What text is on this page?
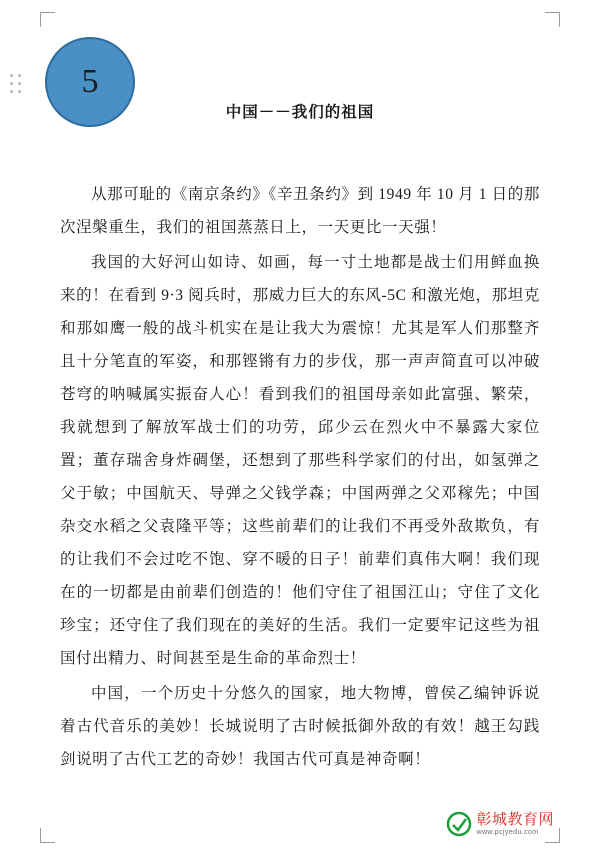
5
中国－－我们的祖国

从那可耻的《南京条约》《辛丑条约》到 1949 年 10 月 1 日的那次涅槃重生，我们的祖国蒸蒸日上，一天更比一天强！

我国的大好河山如诗、如画，每一寸土地都是战士们用鲜血换来的！在看到 9·3 阅兵时，那威力巨大的东风-5C 和激光炮，那坦克和那如鹰一般的战斗机实在是让我大为震惊！尤其是军人们那整齐且十分笔直的军姿，和那铿锵有力的步伐，那一声声简直可以冲破苍穹的呐喊属实振奋人心！看到我们的祖国母亲如此富强、繁荣，我就想到了解放军战士们的功劳，邱少云在烈火中不暴露大家位置；董存瑞舍身炸碉堡，还想到了那些科学家们的付出，如氢弹之父于敏；中国航天、导弹之父钱学森；中国两弹之父邓稼先；中国杂交水稻之父袁隆平等；这些前辈们的让我们不再受外敌欺负，有的让我们不会过吃不饱、穿不暖的日子！前辈们真伟大啊！我们现在的一切都是由前辈们创造的！他们守住了祖国江山；守住了文化珍宝；还守住了我们现在的美好的生活。我们一定要牢记这些为祖国付出精力、时间甚至是生命的革命烈士！

中国，一个历史十分悠久的国家，地大物博，曾侯乙编钟诉说着古代音乐的美妙！长城说明了古时候抵御外敌的有效！越王勾践剑说明了古代工艺的奇妙！我国古代可真是神奇啊！

彰城教育网
www.pcjyedu.com
